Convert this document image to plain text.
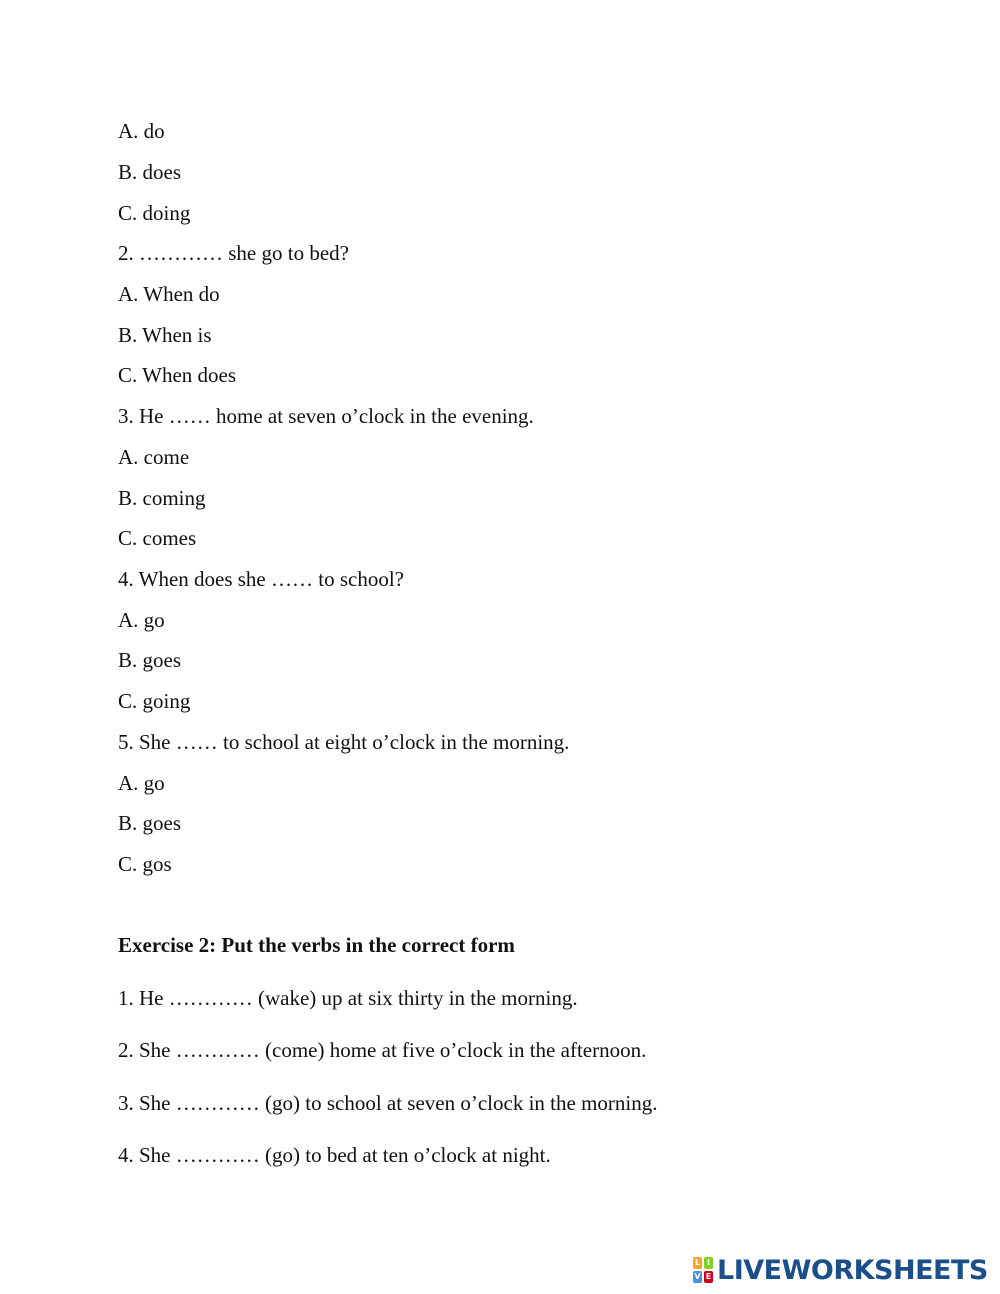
A. do
B. does
C. doing
2. ………… she go to bed?
A. When do
B. When is
C. When does
3. He …… home at seven o’clock in the evening.
A. come
B. coming
C. comes
4. When does she …… to school?
A. go
B. goes
C. going
5. She …… to school at eight o’clock in the morning.
A. go
B. goes
C. gos
Exercise 2: Put the verbs in the correct form
1. He ………… (wake) up at six thirty in the morning.
2. She ………… (come) home at five o’clock in the afternoon.
3. She ………… (go) to school at seven o’clock in the morning.
4. She ………… (go) to bed at ten o’clock at night.
L I
V E LIVEWORKSHEETS
